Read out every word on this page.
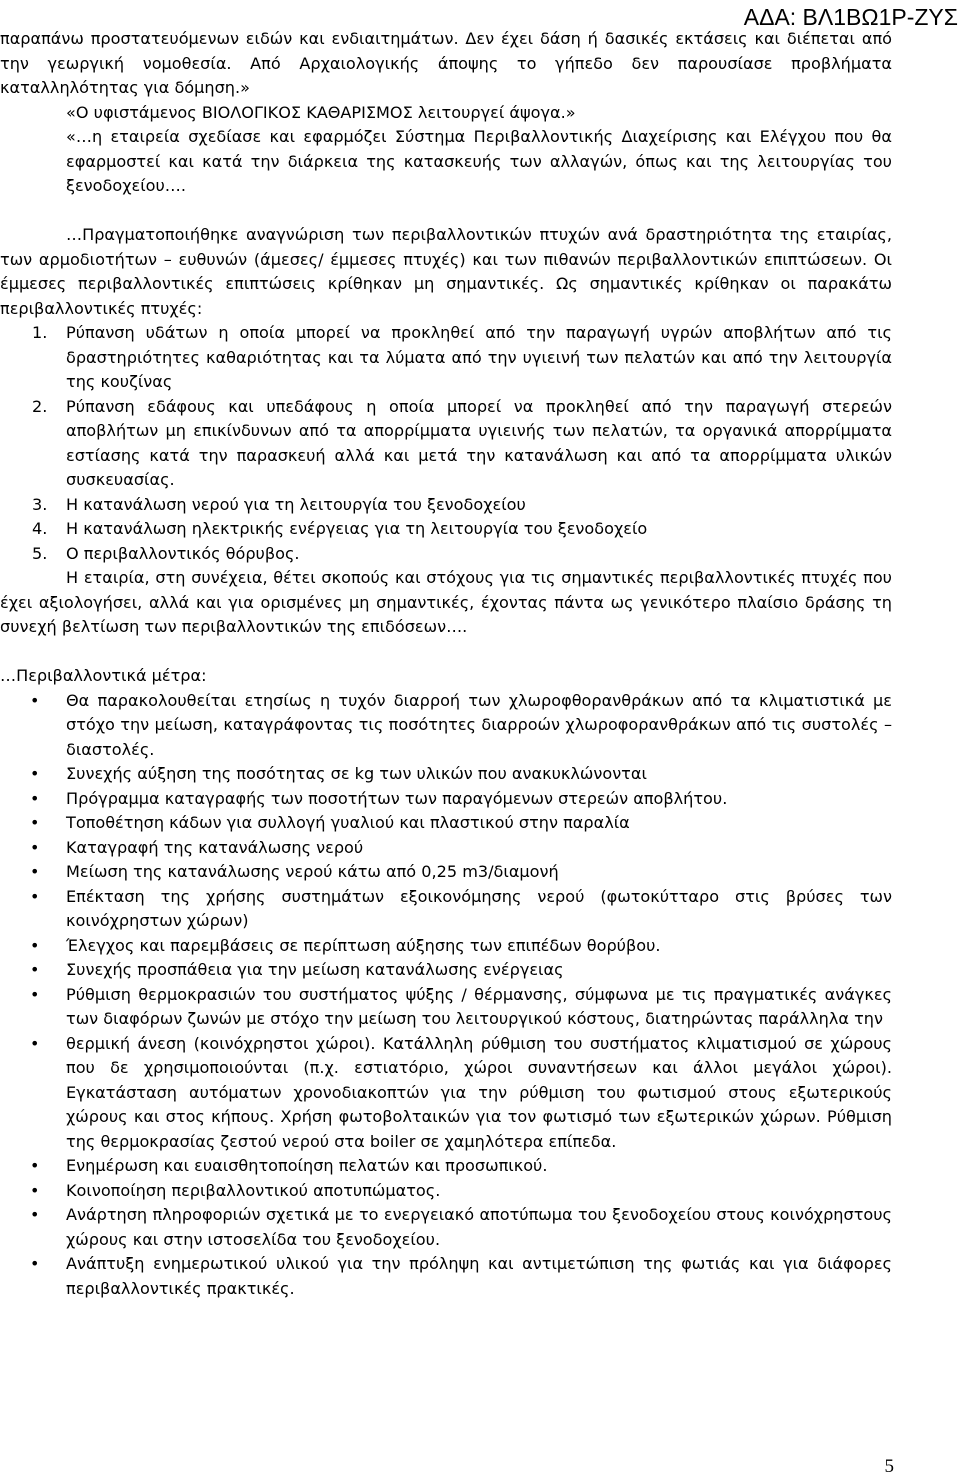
ΑΔΑ: ΒΛ1ΒΩ1Ρ-ΖΥΣ

παραπάνω προστατευόμενων ειδών και ενδιαιτημάτων. Δεν έχει δάση ή δασικές εκτάσεις και διέπεται από την γεωργική νομοθεσία. Από Αρχαιολογικής άποψης το γήπεδο δεν παρουσίασε προβλήματα καταλληλότητας για δόμηση.»

«Ο υφιστάμενος ΒΙΟΛΟΓΙΚΟΣ ΚΑΘΑΡΙΣΜΟΣ λειτουργεί άψογα.»

«…η εταιρεία σχεδίασε και εφαρμόζει Σύστημα Περιβαλλοντικής Διαχείρισης και Ελέγχου που θα εφαρμοστεί και κατά την διάρκεια της κατασκευής των αλλαγών, όπως και της λειτουργίας του ξενοδοχείου….

…Πραγματοποιήθηκε αναγνώριση των περιβαλλοντικών πτυχών ανά δραστηριότητα της εταιρίας, των αρμοδιοτήτων – ευθυνών (άμεσες/ έμμεσες πτυχές) και των πιθανών περιβαλλοντικών επιπτώσεων. Οι έμμεσες περιβαλλοντικές επιπτώσεις κρίθηκαν μη σημαντικές. Ως σημαντικές κρίθηκαν οι παρακάτω περιβαλλοντικές πτυχές:

1. Ρύπανση υδάτων η οποία μπορεί να προκληθεί από την παραγωγή υγρών αποβλήτων από τις δραστηριότητες καθαριότητας και τα λύματα από την υγιεινή των πελατών και από την λειτουργία της κουζίνας
2. Ρύπανση εδάφους και υπεδάφους η οποία μπορεί να προκληθεί από την παραγωγή στερεών αποβλήτων μη επικίνδυνων από τα απορρίμματα υγιεινής των πελατών, τα οργανικά απορρίμματα εστίασης κατά την παρασκευή αλλά και μετά την κατανάλωση και από τα απορρίμματα υλικών συσκευασίας.
3. Η κατανάλωση νερού για τη λειτουργία του ξενοδοχείου
4. Η κατανάλωση ηλεκτρικής ενέργειας για τη λειτουργία του ξενοδοχείο
5. Ο περιβαλλοντικός θόρυβος.

Η εταιρία, στη συνέχεια, θέτει σκοπούς και στόχους για τις σημαντικές περιβαλλοντικές πτυχές που έχει αξιολογήσει, αλλά και για ορισμένες μη σημαντικές, έχοντας πάντα ως γενικότερο πλαίσιο δράσης τη συνεχή βελτίωση των περιβαλλοντικών της επιδόσεων….

…Περιβαλλοντικά μέτρα:

• Θα παρακολουθείται ετησίως η τυχόν διαρροή των χλωροφθορανθράκων από τα κλιματιστικά με στόχο την μείωση, καταγράφοντας τις ποσότητες διαρροών χλωροφορανθράκων από τις συστολές – διαστολές.
• Συνεχής αύξηση της ποσότητας σε kg των υλικών που ανακυκλώνονται
• Πρόγραμμα καταγραφής των ποσοτήτων των παραγόμενων στερεών αποβλήτου.
• Τοποθέτηση κάδων για συλλογή γυαλιού και πλαστικού στην παραλία
• Καταγραφή της κατανάλωσης νερού
• Μείωση της κατανάλωσης νερού κάτω από 0,25 m3/διαμονή
• Επέκταση της χρήσης συστημάτων εξοικονόμησης νερού (φωτοκύτταρο στις βρύσες των κοινόχρηστων χώρων)
• Έλεγχος και παρεμβάσεις σε περίπτωση αύξησης των επιπέδων θορύβου.
• Συνεχής προσπάθεια για την μείωση κατανάλωσης ενέργειας
• Ρύθμιση θερμοκρασιών του συστήματος ψύξης / θέρμανσης, σύμφωνα με τις πραγματικές ανάγκες των διαφόρων ζωνών με στόχο την μείωση του λειτουργικού κόστους, διατηρώντας παράλληλα την
• θερμική άνεση (κοινόχρηστοι χώροι). Κατάλληλη ρύθμιση του συστήματος κλιματισμού σε χώρους που δε χρησιμοποιούνται (π.χ. εστιατόριο, χώροι συναντήσεων και άλλοι μεγάλοι χώροι). Εγκατάσταση αυτόματων χρονοδιακοπτών για την ρύθμιση του φωτισμού στους εξωτερικούς χώρους και στος κήπους. Χρήση φωτοβολταικών για τον φωτισμό των εξωτερικών χώρων. Ρύθμιση της θερμοκρασίας ζεστού νερού στα boiler σε χαμηλότερα επίπεδα.
• Ενημέρωση και ευαισθητοποίηση πελατών και προσωπικού.
• Κοινοποίηση περιβαλλοντικού αποτυπώματος.
• Ανάρτηση πληροφοριών σχετικά με το ενεργειακό αποτύπωμα του ξενοδοχείου στους κοινόχρηστους χώρους και στην ιστοσελίδα του ξενοδοχείου.
• Ανάπτυξη ενημερωτικού υλικού για την πρόληψη και αντιμετώπιση της φωτιάς και για διάφορες περιβαλλοντικές πρακτικές.
5
